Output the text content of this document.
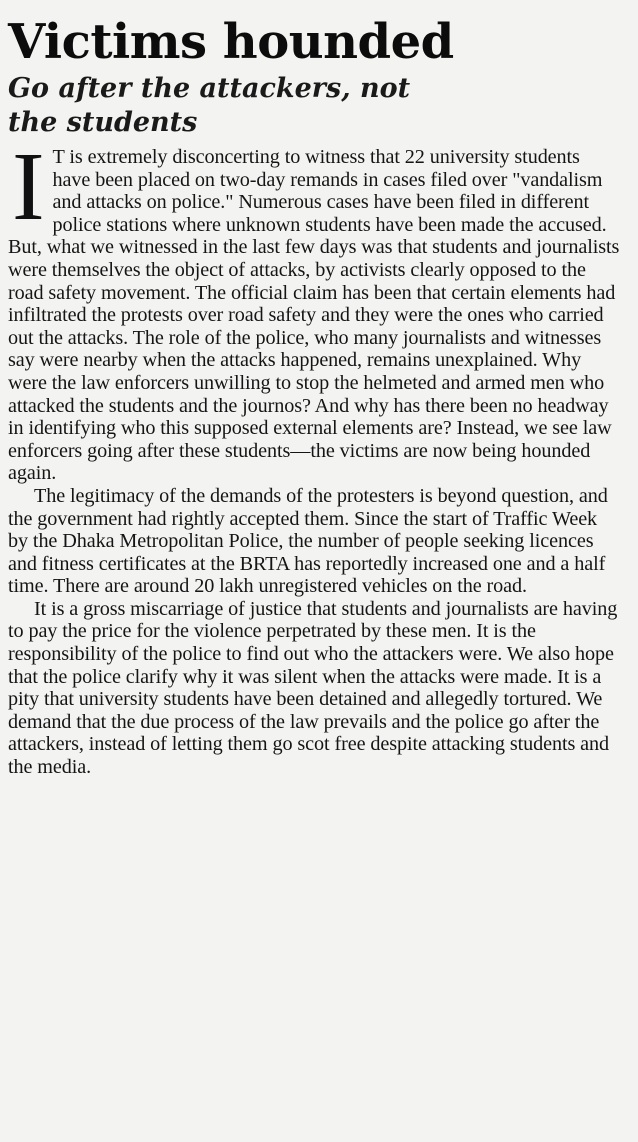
Victims hounded
Go after the attackers, not the students

I T is extremely disconcerting to witness that 22 university students have been placed on two-day remands in cases filed over "vandalism and attacks on police." Numerous cases have been filed in different police stations where unknown students have been made the accused. But, what we witnessed in the last few days was that students and journalists were themselves the object of attacks, by activists clearly opposed to the road safety movement. The official claim has been that certain elements had infiltrated the protests over road safety and they were the ones who carried out the attacks. The role of the police, who many journalists and witnesses say were nearby when the attacks happened, remains unexplained. Why were the law enforcers unwilling to stop the helmeted and armed men who attacked the students and the journos? And why has there been no headway in identifying who this supposed external elements are? Instead, we see law enforcers going after these students—the victims are now being hounded again.

The legitimacy of the demands of the protesters is beyond question, and the government had rightly accepted them. Since the start of Traffic Week by the Dhaka Metropolitan Police, the number of people seeking licences and fitness certificates at the BRTA has reportedly increased one and a half time. There are around 20 lakh unregistered vehicles on the road.

It is a gross miscarriage of justice that students and journalists are having to pay the price for the violence perpetrated by these men. It is the responsibility of the police to find out who the attackers were. We also hope that the police clarify why it was silent when the attacks were made. It is a pity that university students have been detained and allegedly tortured. We demand that the due process of the law prevails and the police go after the attackers, instead of letting them go scot free despite attacking students and the media.
